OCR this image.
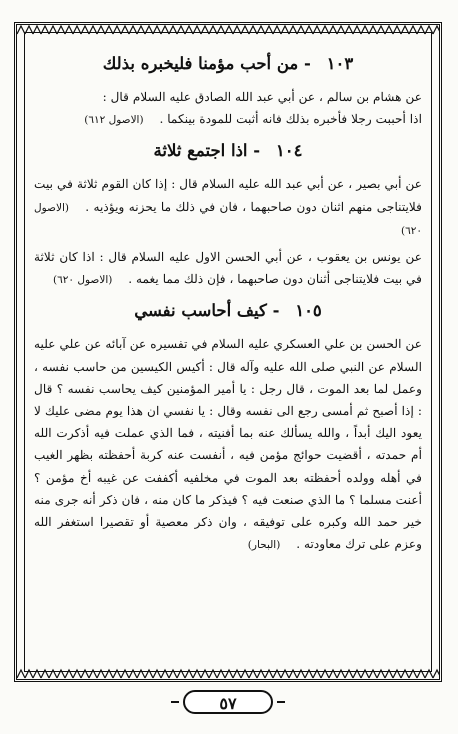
١٠٣ - من أحب مؤمنا فليخبره بذلك

عن هشام بن سالم ، عن أبي عبد الله الصادق عليه السلام قال :

اذا أحببت رجلا فأخبره بذلك فانه أثبت للمودة بينكما . (الاصول ٦١٢)

١٠٤ - اذا اجتمع ثلاثة

عن أبي بصير ، عن أبي عبد الله عليه السلام قال : إذا كان القوم ثلاثة في بيت فلايتناجى منهم اثنان دون صاحبهما ، فان في ذلك ما يحزنه ويؤذيه . (الاصول ٦٢٠)

عن يونس بن يعقوب ، عن أبي الحسن الاول عليه السلام قال : اذا كان ثلاثة في بيت فلايتناجى أثنان دون صاحبهما ، فإن ذلك مما يغمه . (الاصول ٦٢٠)

١٠٥ - كيف أحاسب نفسي

عن الحسن بن علي العسكري عليه السلام في تفسيره عن آبائه عن علي عليه السلام عن النبي صلى الله عليه وآله قال : أكيس الكيسين من حاسب نفسه ، وعمل لما بعد الموت ، قال رجل : يا أمير المؤمنين كيف يحاسب نفسه ؟ قال : إذا أصبح ثم أمسى رجع الى نفسه وقال : يا نفسي ان هذا يوم مضى عليك لا يعود اليك أبداً ، والله يسألك عنه بما أفنيته ، فما الذي عملت فيه أذكرت الله أم حمدته ، أقضيت حوائج مؤمن فيه ، أنفست عنه كربة أحفظته بظهر الغيب في أهله وولده أحفظته بعد الموت في مخلفيه أكففت عن غيبه أخ مؤمن ؟ أعنت مسلما ؟ ما الذي صنعت فيه ؟ فيذكر ما كان منه ، فان ذكر أنه جرى منه خير حمد الله وكبره على توفيقه ، وان ذكر معصية أو تقصيرا استغفر الله وعزم على ترك معاودته . (البحار)

٥٧
